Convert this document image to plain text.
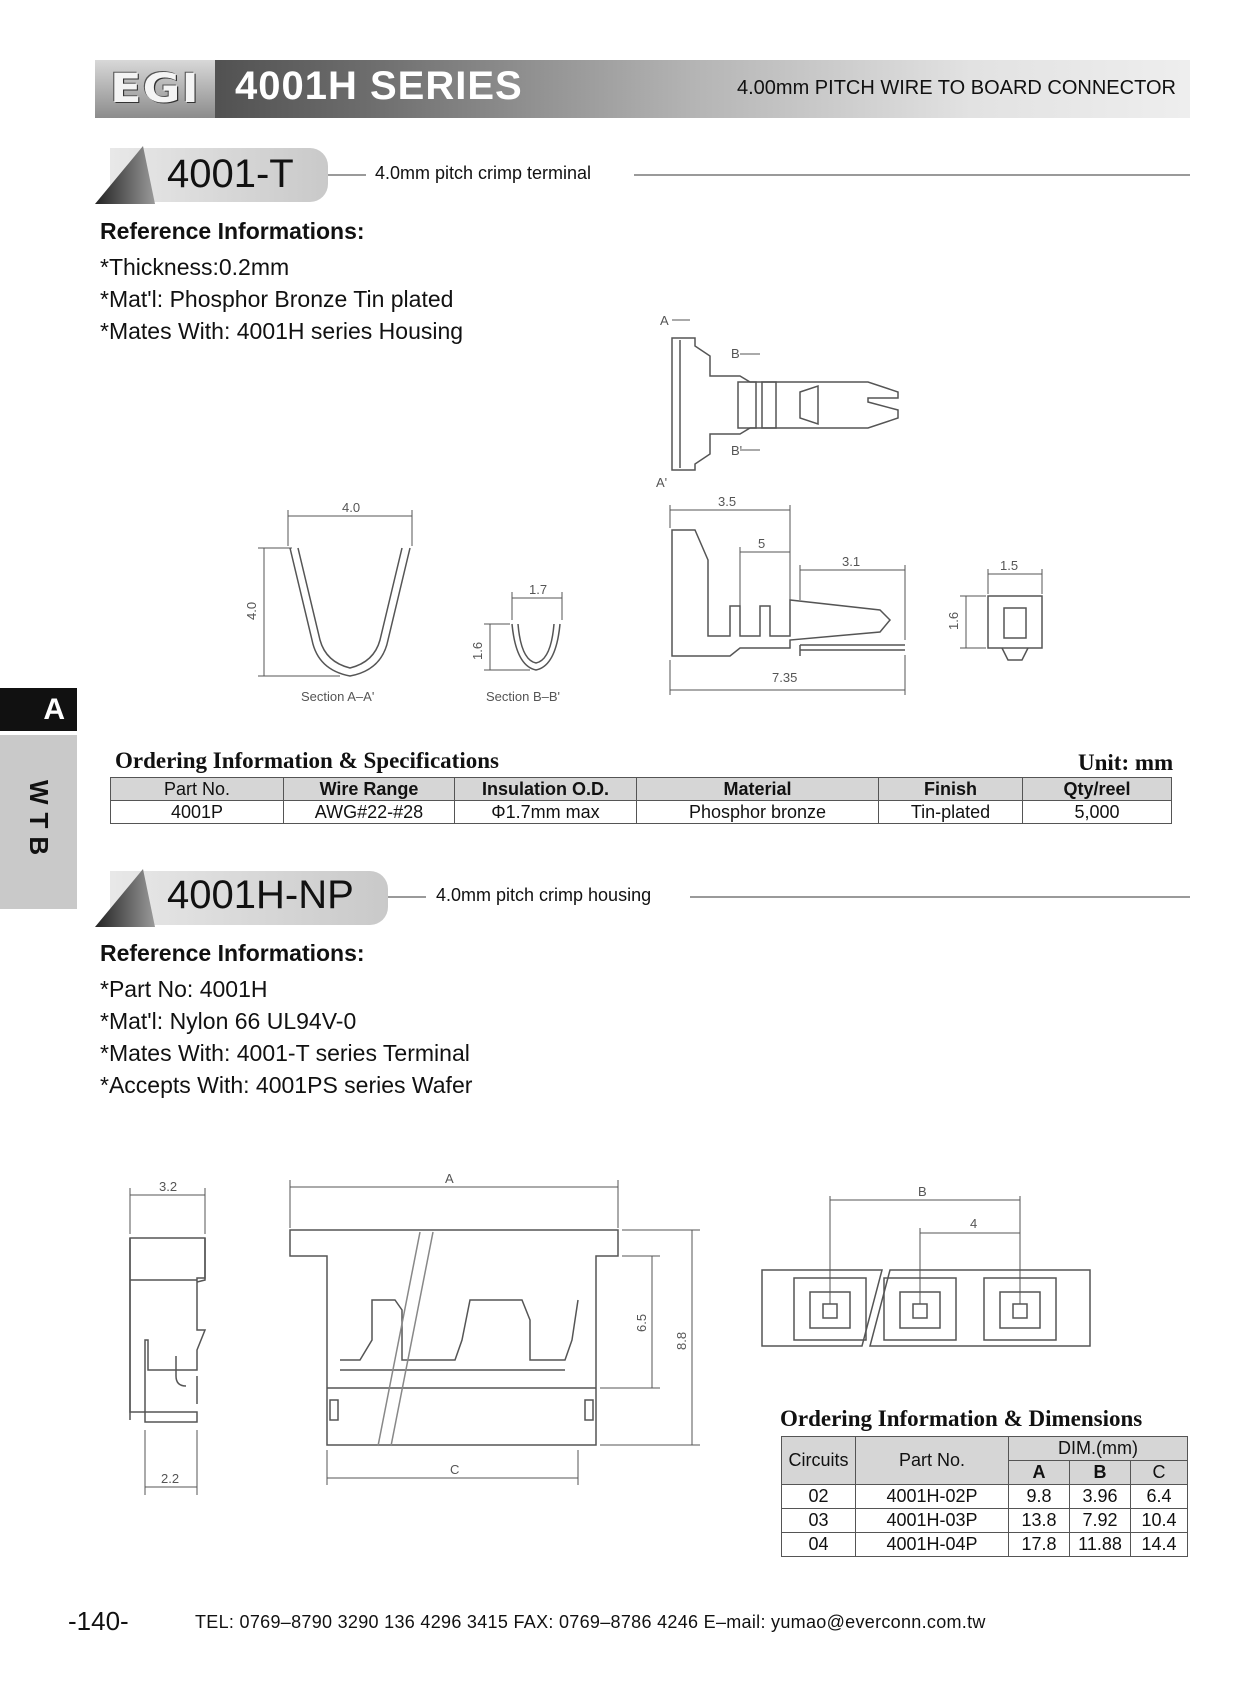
EGI 4001H SERIES	4.00mm PITCH WIRE TO BOARD CONNECTOR
A
WTB
4001-T	4.0mm pitch crimp terminal
Reference Informations:
*Thickness:0.2mm
*Mat'l: Phosphor Bronze Tin plated
*Mates With: 4001H series Housing	A
A'
B
B'
4.0
4.0
Section A–A'
1.7
1.6
Section B–B'
3.5
5
3.1
7.35
1.5
1.6
Ordering Information & Specifications	Unit: mm
Part No.	Wire Range	Insulation O.D.	Material	Finish	Qty/reel
4001P	AWG#22-#28	Φ1.7mm max	Phosphor bronze	Tin-plated	5,000
4001H-NP	4.0mm pitch crimp housing
Reference Informations:
*Part No: 4001H
*Mat'l: Nylon 66 UL94V-0
*Mates With: 4001-T series Terminal
*Accepts With: 4001PS series Wafer
3.2
2.2
A
C
6.5
8.8
B
4
Ordering Information & Dimensions
Circuits	Part No.	DIM.(mm)		
		A	B	C
02	4001H-02P	9.8	3.96	6.4
03	4001H-03P	13.8	7.92	10.4
04	4001H-04P	17.8	11.88	14.4
-140-	TEL: 0769–8790 3290 136 4296 3415 FAX: 0769–8786 4246 E–mail: yumao@everconn.com.tw
